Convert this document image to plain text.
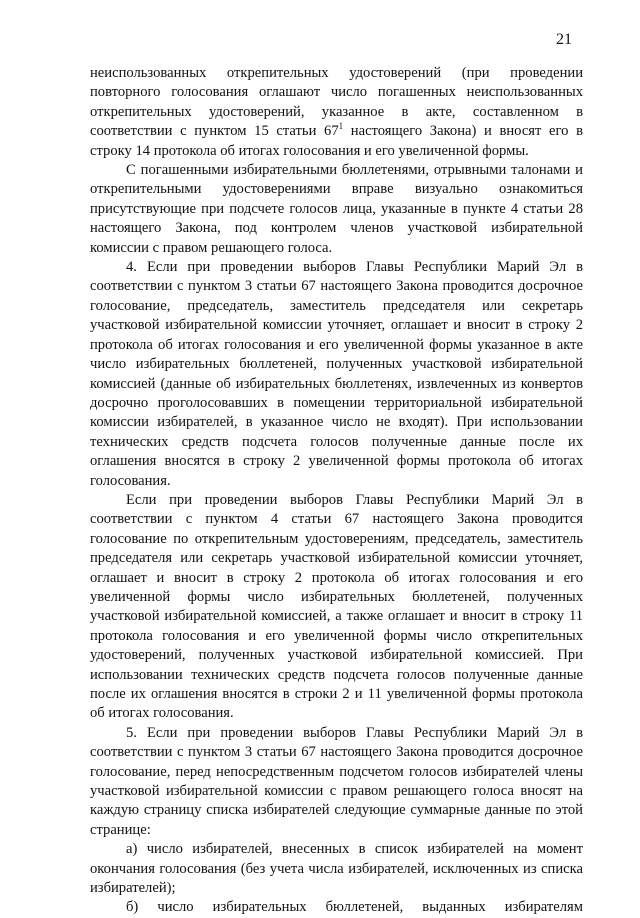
21

неиспользованных открепительных удостоверений (при проведении повторного голосования оглашают число погашенных неиспользованных открепительных удостоверений, указанное в акте, составленном в соответствии с пунктом 15 статьи $67^1$ настоящего Закона) и вносят его в строку 14 протокола об итогах голосования и его увеличенной формы.

С погашенными избирательными бюллетенями, отрывными талонами и открепительными удостоверениями вправе визуально ознакомиться присутствующие при подсчете голосов лица, указанные в пункте 4 статьи 28 настоящего Закона, под контролем членов участковой избирательной комиссии с правом решающего голоса.

4. Если при проведении выборов Главы Республики Марий Эл в соответствии с пунктом 3 статьи 67 настоящего Закона проводится досрочное голосование, председатель, заместитель председателя или секретарь участковой избирательной комиссии уточняет, оглашает и вносит в строку 2 протокола об итогах голосования и его увеличенной формы указанное в акте число избирательных бюллетеней, полученных участковой избирательной комиссией (данные об избирательных бюллетенях, извлеченных из конвертов досрочно проголосовавших в помещении территориальной избирательной комиссии избирателей, в указанное число не входят). При использовании технических средств подсчета голосов полученные данные после их оглашения вносятся в строку 2 увеличенной формы протокола об итогах голосования.

Если при проведении выборов Главы Республики Марий Эл в соответствии с пунктом 4 статьи 67 настоящего Закона проводится голосование по открепительным удостоверениям, председатель, заместитель председателя или секретарь участковой избирательной комиссии уточняет, оглашает и вносит в строку 2 протокола об итогах голосования и его увеличенной формы число избирательных бюллетеней, полученных участковой избирательной комиссией, а также оглашает и вносит в строку 11 протокола голосования и его увеличенной формы число открепительных удостоверений, полученных участковой избирательной комиссией. При использовании технических средств подсчета голосов полученные данные после их оглашения вносятся в строки 2 и 11 увеличенной формы протокола об итогах голосования.

5. Если при проведении выборов Главы Республики Марий Эл в соответствии с пунктом 3 статьи 67 настоящего Закона проводится досрочное голосование, перед непосредственным подсчетом голосов избирателей члены участковой избирательной комиссии с правом решающего голоса вносят на каждую страницу списка избирателей следующие суммарные данные по этой странице:

а) число избирателей, внесенных в список избирателей на момент окончания голосования (без учета числа избирателей, исключенных из списка избирателей);

б) число избирательных бюллетеней, выданных избирателям
